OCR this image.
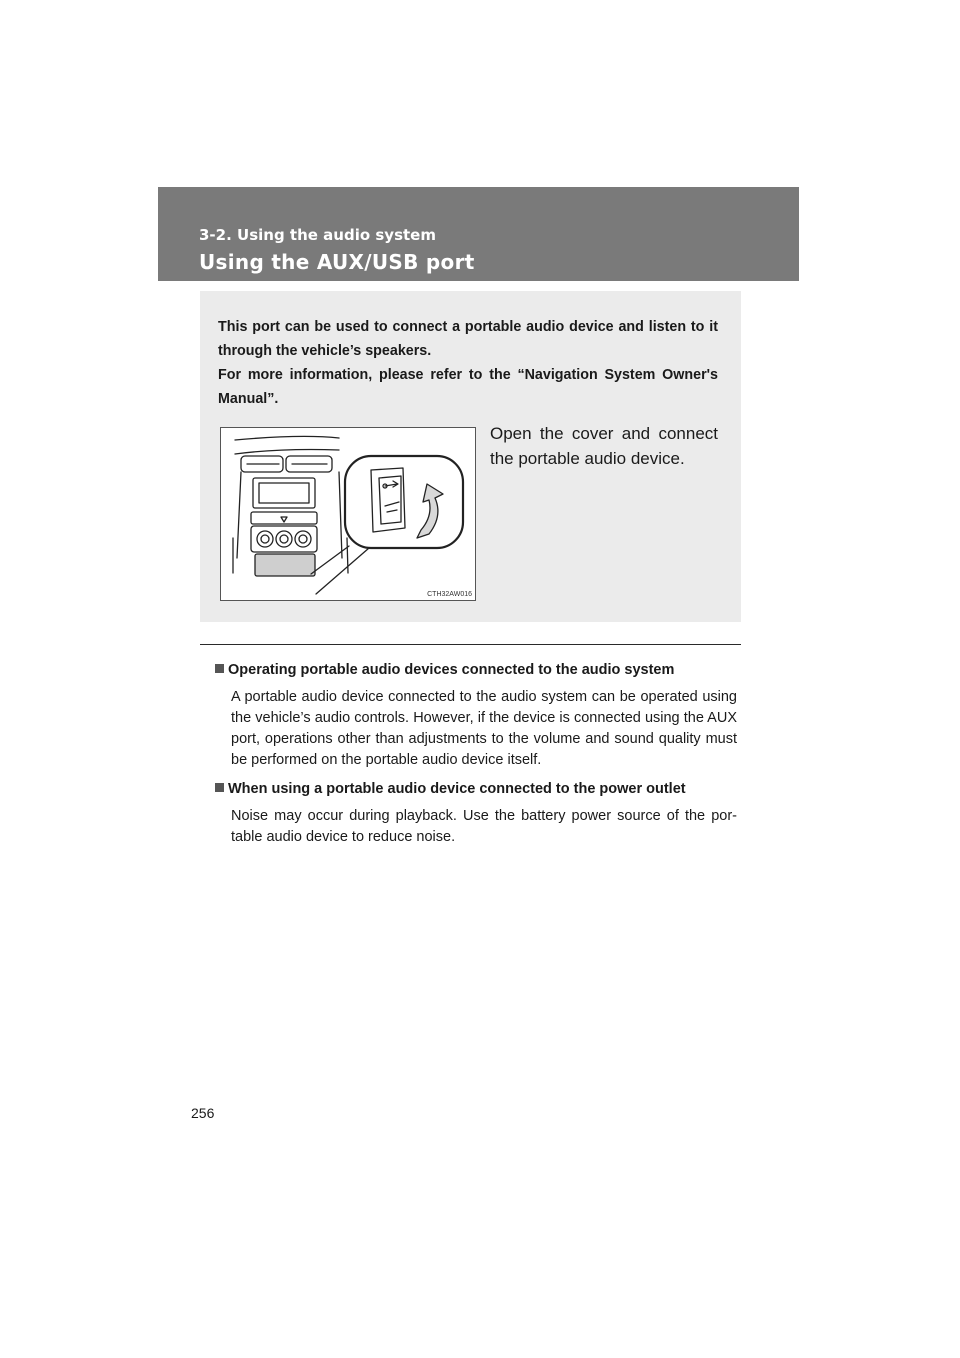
3-2. Using the audio system
Using the AUX/USB port

This port can be used to connect a portable audio device and listen to it through the vehicle’s speakers.

For more information, please refer to the “Navigation System Owner's Manual”.

CTH32AW016
Open the cover and connect the portable audio device.

Operating portable audio devices connected to the audio system

A portable audio device connected to the audio system can be operated using the vehicle’s audio controls. However, if the device is connected using the AUX port, operations other than adjustments to the volume and sound quality must be performed on the portable audio device itself.

When using a portable audio device connected to the power outlet

Noise may occur during playback. Use the battery power source of the por-table audio device to reduce noise.

256
